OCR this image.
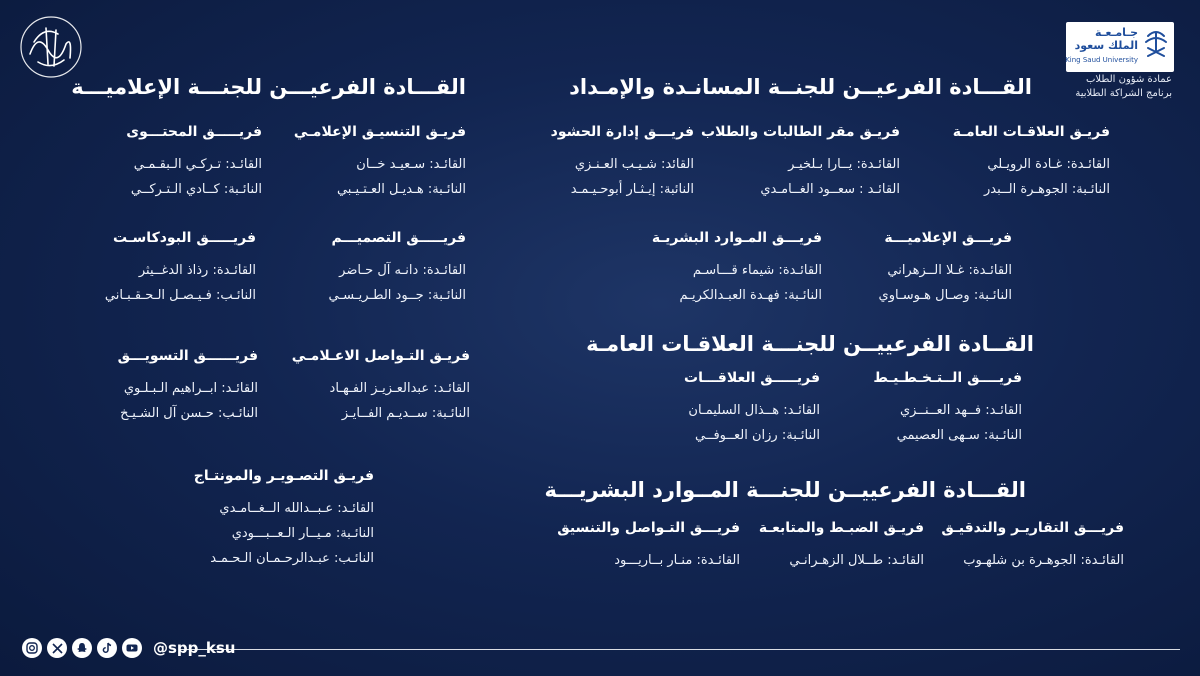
جـامـعـة
الملك سعود
King Saud University
عمادة شؤون الطلاب
برنامج الشراكة الطلابية
القـــادة الفرعيــن للجنــة المسانـدة والإمـداد
فريـق العلاقـات العامـة
القائـدة: غـادة الرويـلي
النائـبة: الجوهـرة الــبدر
فريـق مقر الطالبات والطلاب
القائـدة: يــارا بـلخيـر
القائـد : سعــود الغــامـدي
فريـــق إدارة الحشود
القائد: شـيـب العـنـزي
النائبة: إيـثـار أبوحـيـمـد
فريـــق الإعلاميـــة
القائـدة: غـلا الــزهراني
النائـبة: وصـال هـوسـاوي
فريـــق المـوارد البشريـة
القائـدة: شيماء قـــاسـم
النائـبة: فهـدة العبـدالكريـم
القــادة الفرعييــن للجنـــة العلاقـات العامـة
فريــــق الــتـخـطـيـط
القائـد: فــهد العــنــزي
النائـبة: سـهى العصيمي
فريـــــق العلاقـــات
القائـد: هــذال السليمـان
النائـبة: رزان العــوفــي
القـــادة الفرعييــن للجنـــة المــوارد البشريـــة
فريـــق التقاريـر والتدقيـق
القائـدة: الجوهـرة بن شلهـوب
فريـق الضبـط والمتابعـة
القائـد: طــلال الزهـرانـي
فريـــق التـواصل والتنسيق
القائـدة: منـار بــاريـــود
القـــادة الفرعيـــن للجنـــة الإعلاميـــة
فريـق التنسيـق الإعلامـي
القائـد: سـعيـد خــان
النائـبة: هـديـل العـتـيـبي
فريـــــق المحتـــوى
القائـد: تـركـي الـبقـمـي
النائـبة: كــادي الـتـركــي
فريـــــق التصميـــم
القائـدة: دانـه آل حـاضر
النائـبة: جــود الطـريـسـي
فريـــــق البودكاسـت
القائـدة: رذاذ الدغــيثر
النائـب: فـيـصـل الـحـقـبـاني
فريـق التـواصل الاعـلامـي
القائـد: عبدالعـزيـز الفـهـاد
النائـبة: ســديـم الفــايـز
فريــــــق التسويـــق
القائـد: ابــراهيم الـبـلـوي
النائـب: حـسن آل الشـيـخ
فريـق التصـويـر والمونتـاج
القائـد: عـبــدالله الــغــامـدي
النائـبة: مـيــار الـعــبـــودي
النائـب: عبـدالرحـمـان الـحـمـد
@spp_ksu
